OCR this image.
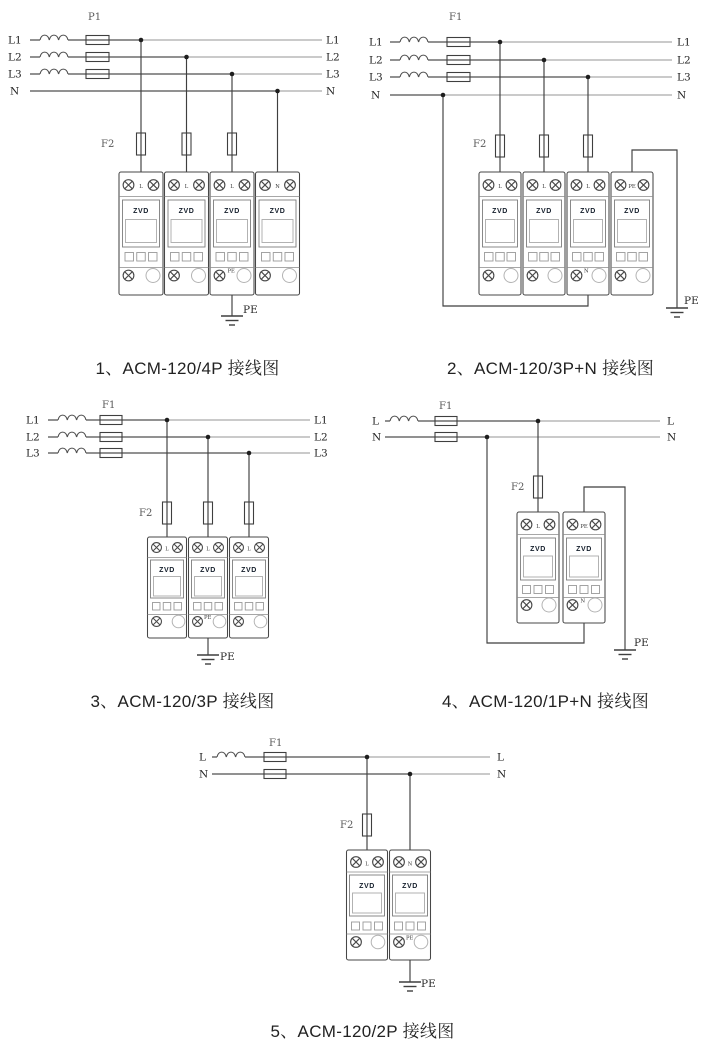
L1
L2
L3
N
L1
L2
L3
N
P1
F2
L
ZVD
L
ZVD
L
ZVD
PE
N
ZVD
PE
L1
L2
L3
N
L1
L2
L3
N
F1
F2
L
ZVD
L
ZVD
L
ZVD
N
PE
ZVD
PE
1、ACM-120/4P 接线图	2、ACM-120/3P+N 接线图
L1
L2
L3
L1
L2
L3
F1
F2
L
ZVD
L
ZVD
PE
L
ZVD
PE
L
N
L
N
F1
F2
L
ZVD
PE
ZVD
N
PE
3、ACM-120/3P 接线图	4、ACM-120/1P+N 接线图
L
N
L
N
F1
F2
L
ZVD
N
ZVD
PE
PE
5、ACM-120/2P 接线图
